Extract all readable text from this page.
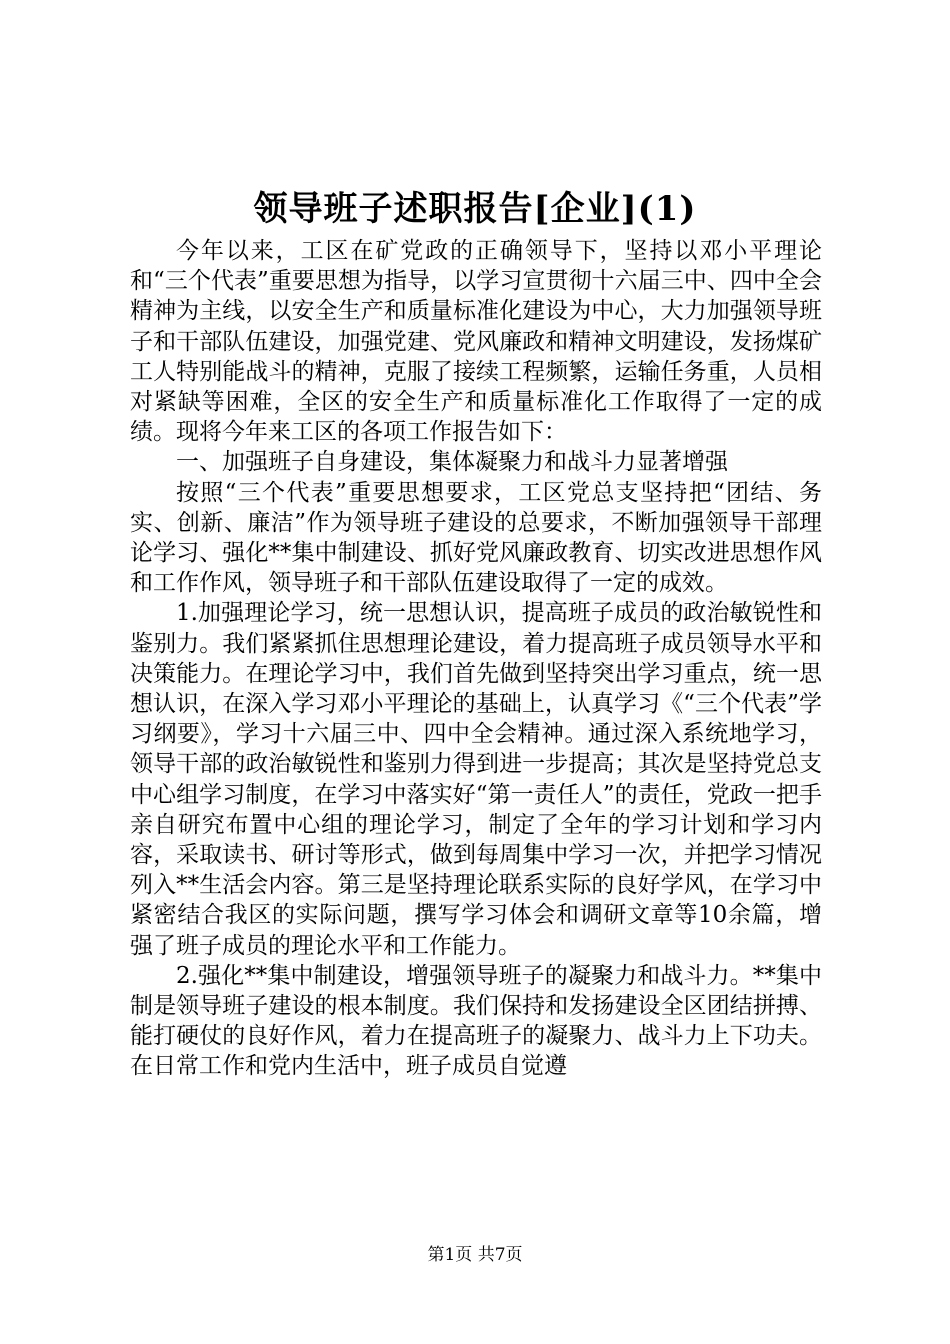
领导班子述职报告[企业](1)

今年以来，工区在矿党政的正确领导下，坚持以邓小平理论和“三个代表”重要思想为指导，以学习宣贯彻十六届三中、四中全会精神为主线，以安全生产和质量标准化建设为中心，大力加强领导班子和干部队伍建设，加强党建、党风廉政和精神文明建设，发扬煤矿工人特别能战斗的精神，克服了接续工程频繁，运输任务重，人员相对紧缺等困难，全区的安全生产和质量标准化工作取得了一定的成绩。现将今年来工区的各项工作报告如下：

一、加强班子自身建设，集体凝聚力和战斗力显著增强

按照“三个代表”重要思想要求，工区党总支坚持把“团结、务实、创新、廉洁”作为领导班子建设的总要求，不断加强领导干部理论学习、强化**集中制建设、抓好党风廉政教育、切实改进思想作风和工作作风，领导班子和干部队伍建设取得了一定的成效。

1.加强理论学习，统一思想认识，提高班子成员的政治敏锐性和鉴别力。我们紧紧抓住思想理论建设，着力提高班子成员领导水平和决策能力。在理论学习中，我们首先做到坚持突出学习重点，统一思想认识，在深入学习邓小平理论的基础上，认真学习《“三个代表”学习纲要》，学习十六届三中、四中全会精神。通过深入系统地学习，领导干部的政治敏锐性和鉴别力得到进一步提高；其次是坚持党总支中心组学习制度，在学习中落实好“第一责任人”的责任，党政一把手亲自研究布置中心组的理论学习，制定了全年的学习计划和学习内容，采取读书、研讨等形式，做到每周集中学习一次，并把学习情况列入**生活会内容。第三是坚持理论联系实际的良好学风，在学习中紧密结合我区的实际问题，撰写学习体会和调研文章等10余篇，增强了班子成员的理论水平和工作能力。

2.强化**集中制建设，增强领导班子的凝聚力和战斗力。**集中制是领导班子建设的根本制度。我们保持和发扬建设全区团结拼搏、能打硬仗的良好作风，着力在提高班子的凝聚力、战斗力上下功夫。在日常工作和党内生活中，班子成员自觉遵

第1页 共7页
